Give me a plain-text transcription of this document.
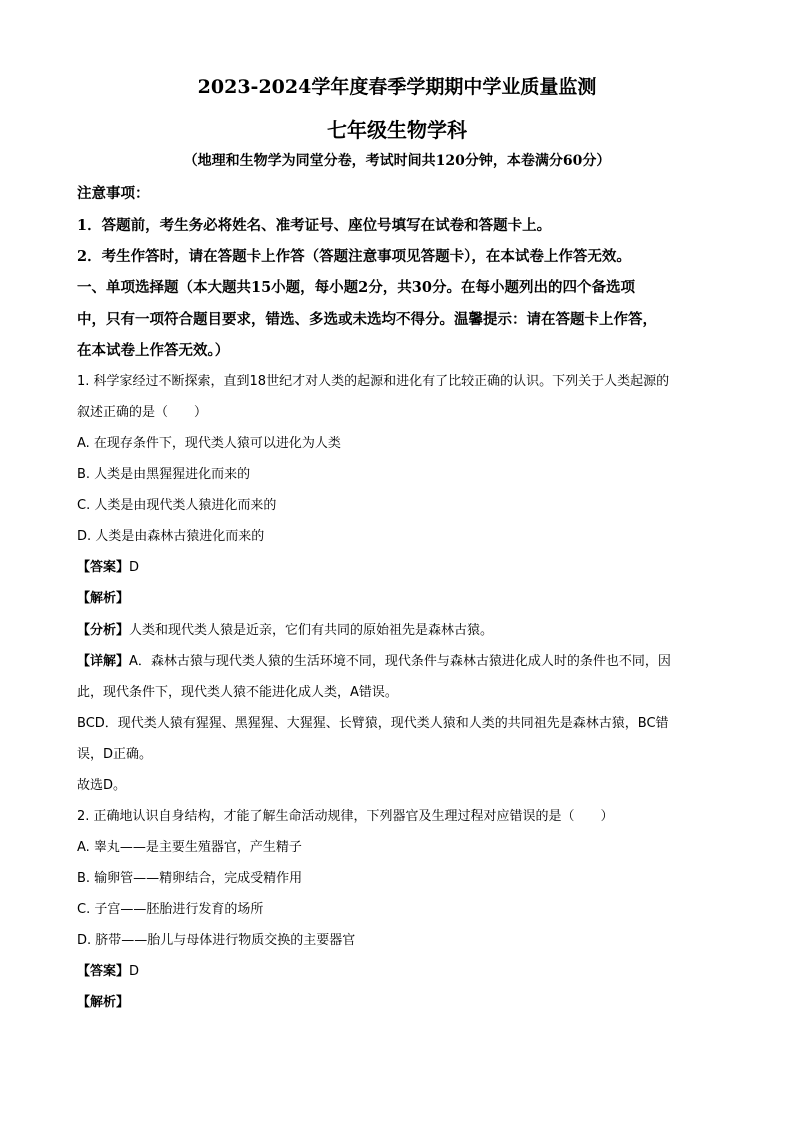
2023-2024学年度春季学期期中学业质量监测
七年级生物学科
（地理和生物学为同堂分卷，考试时间共120分钟，本卷满分60分）
注意事项：
1．答题前，考生务必将姓名、准考证号、座位号填写在试卷和答题卡上。
2．考生作答时，请在答题卡上作答（答题注意事项见答题卡），在本试卷上作答无效。
一、单项选择题（本大题共15小题，每小题2分，共30分。在每小题列出的四个备选项
中，只有一项符合题目要求，错选、多选或未选均不得分。温馨提示：请在答题卡上作答，
在本试卷上作答无效。）
1. 科学家经过不断探索，直到18世纪才对人类的起源和进化有了比较正确的认识。下列关于人类起源的
叙述正确的是（　　）
A. 在现存条件下，现代类人猿可以进化为人类
B. 人类是由黑猩猩进化而来的
C. 人类是由现代类人猿进化而来的
D. 人类是由森林古猿进化而来的
【答案】D
【解析】
【分析】人类和现代类人猿是近亲，它们有共同的原始祖先是森林古猿。
【详解】A．森林古猿与现代类人猿的生活环境不同，现代条件与森林古猿进化成人时的条件也不同，因
此，现代条件下，现代类人猿不能进化成人类，A错误。
BCD．现代类人猿有猩猩、黑猩猩、大猩猩、长臂猿，现代类人猿和人类的共同祖先是森林古猿，BC错
误，D正确。
故选D。
2. 正确地认识自身结构，才能了解生命活动规律，下列器官及生理过程对应错误的是（　　）
A. 睾丸——是主要生殖器官，产生精子
B. 输卵管——精卵结合，完成受精作用
C. 子宫——胚胎进行发育的场所
D. 脐带——胎儿与母体进行物质交换的主要器官
【答案】D
【解析】
